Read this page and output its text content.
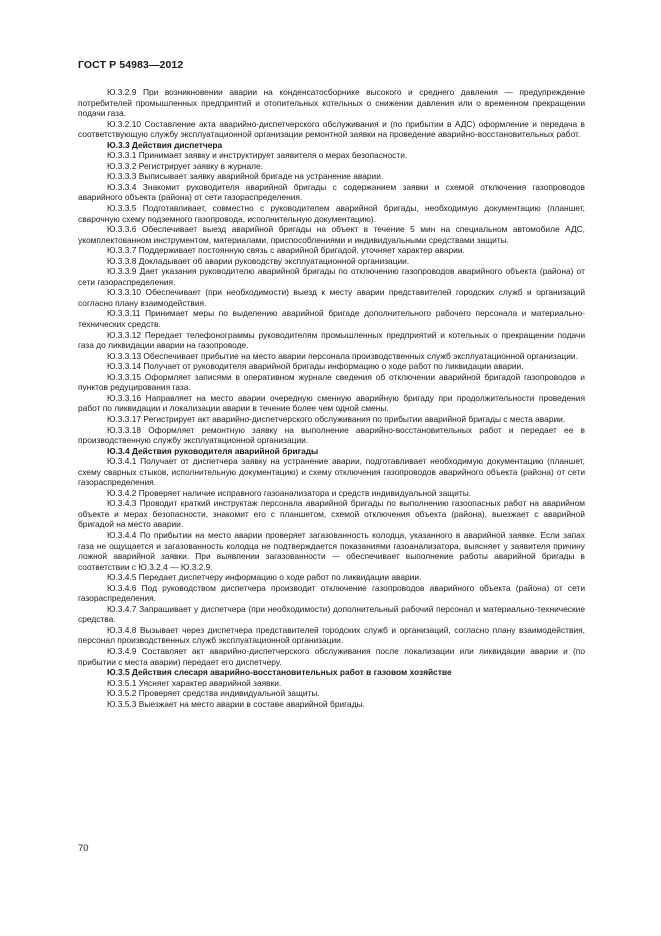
ГОСТ Р 54983—2012

Ю.3.2.9 При возникновении аварии на конденсатосборнике высокого и среднего давления — предупреждение потребителей промышленных предприятий и отопительных котельных о снижении давления или о временном прекращении подачи газа.

Ю.3.2.10 Составление акта аварийно-диспетчерского обслуживания и (по прибытии в АДС) оформление и передача в соответствующую службу эксплуатационной организации ремонтной заявки на проведение аварийно-восстановительных работ.

Ю.3.3 Действия диспетчера

Ю.3.3.1 Принимает заявку и инструктирует заявителя о мерах безопасности.

Ю.3.3.2 Регистрирует заявку в журнале.

Ю.3.3.3 Выписывает заявку аварийной бригаде на устранение аварии.

Ю.3.3.4 Знакомит руководителя аварийной бригады с содержанием заявки и схемой отключения газопроводов аварийного объекта (района) от сети газораспределения.

Ю.3.3.5 Подготавливает, совместно с руководителем аварийной бригады, необходимую документацию (планшет, сварочную схему подземного газопровода, исполнительную документацию).

Ю.3.3.6 Обеспечивает выезд аварийной бригады на объект в течение 5 мин на специальном автомобиле АДС, укомплектованном инструментом, материалами, приспособлениями и индивидуальными средствами защиты.

Ю.3.3.7 Поддерживает постоянную связь с аварийной бригадой, уточняет характер аварии.

Ю.3.3.8 Докладывает об аварии руководству эксплуатационной организации.

Ю.3.3.9 Дает указания руководителю аварийной бригады по отключению газопроводов аварийного объекта (района) от сети газораспределения.

Ю.3.3.10 Обеспечивает (при необходимости) выезд к месту аварии представителей городских служб и организаций согласно плану взаимодействия.

Ю.3.3.11 Принимает меры по выделению аварийной бригаде дополнительного рабочего персонала и материально-технических средств.

Ю.3.3.12 Передает телефонограммы руководителям промышленных предприятий и котельных о прекращении подачи газа до ликвидации аварии на газопроводе.

Ю.3.3.13 Обеспечивает прибытие на место аварии персонала производственных служб эксплуатационной организации.

Ю.3.3.14 Получает от руководителя аварийной бригады информацию о ходе работ по ликвидации аварии.

Ю.3.3.15 Оформляет записями в оперативном журнале сведения об отключении аварийной бригадой газопроводов и пунктов редуцирования газа.

Ю.3.3.16 Направляет на место аварии очередную сменную аварийную бригаду при продолжительности проведения работ по ликвидации и локализации аварии в течение более чем одной смены.

Ю.3.3.17 Регистрирует акт аварийно-диспетчерского обслуживания по прибытии аварийной бригады с места аварии.

Ю.3.3.18 Оформляет ремонтную заявку на выполнение аварийно-восстановительных работ и передает ее в производственную службу эксплуатационной организации.

Ю.3.4 Действия руководителя аварийной бригады

Ю.3.4.1 Получает от диспетчера заявку на устранение аварии, подготавливает необходимую документацию (планшет, схему сварных стыков, исполнительную документацию) и схему отключения газопроводов аварийного объекта (района) от сети газораспределения.

Ю.3.4.2 Проверяет наличие исправного газоанализатора и средств индивидуальной защиты.

Ю.3.4.3 Проводит краткий инструктаж персонала аварийной бригады по выполнению газоопасных работ на аварийном объекте и мерах безопасности, знакомит его с планшетом, схемой отключения объекта (района), выезжает с аварийной бригадой на место аварии.

Ю.3.4.4 По прибытии на место аварии проверяет загазованность колодца, указанного в аварийной заявке. Если запах газа не ощущается и загазованность колодца не подтверждается показаниями газоанализатора, выясняет у заявителя причину ложной аварийной заявки. При выявлении загазованности — обеспечивает выполнение работы аварийной бригады в соответствии с Ю.3.2.4 — Ю.3.2.9.

Ю.3.4.5 Передает диспетчеру информацию о ходе работ по ликвидации аварии.

Ю.3.4.6 Под руководством диспетчера производит отключение газопроводов аварийного объекта (района) от сети газораспределения.

Ю.3.4.7 Запрашивает у диспетчера (при необходимости) дополнительный рабочий персонал и материально-технические средства.

Ю.3.4.8 Вызывает через диспетчера представителей городских служб и организаций, согласно плану взаимодействия, персонал производственных служб эксплуатационной организации.

Ю.3.4.9 Составляет акт аварийно-диспетчерского обслуживания после локализации или ликвидации аварии и (по прибытии с места аварии) передает его диспетчеру.

Ю.3.5 Действия слесаря аварийно-восстановительных работ в газовом хозяйстве

Ю.3.5.1 Уясняет характер аварийной заявки.

Ю.3.5.2 Проверяет средства индивидуальной защиты.

Ю.3.5.3 Выезжает на место аварии в составе аварийной бригады.

70
